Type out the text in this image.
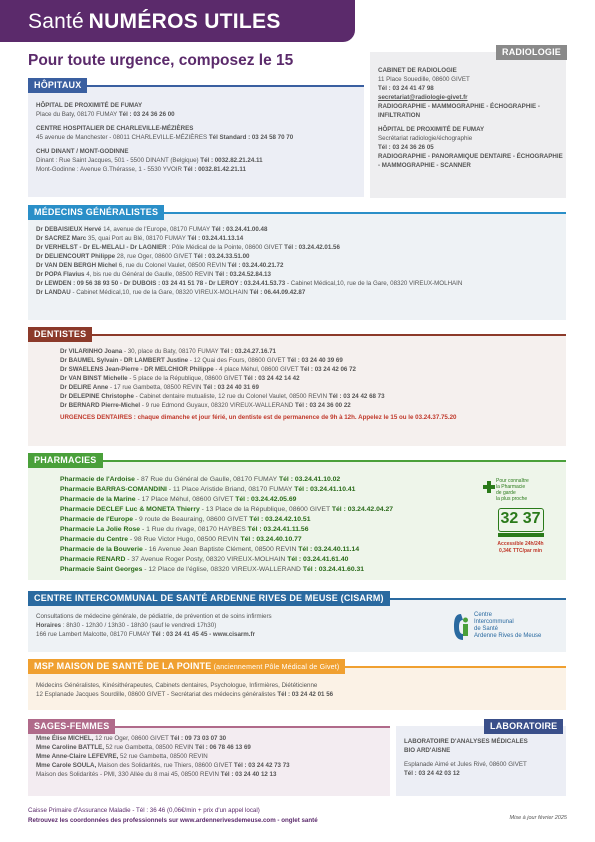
Santé NUMÉROS UTILES
Pour toute urgence, composez le 15
HÔPITAUX
HÔPITAL DE PROXIMITÉ DE FUMAY
Place du Baty, 08170 FUMAY Tél : 03 24 36 26 00
CENTRE HOSPITALIER DE CHARLEVILLE-MÉZIÈRES
45 avenue de Manchester - 08011 CHARLEVILLE-MÉZIÈRES Tél Standard : 03 24 58 70 70
CHU DINANT / MONT-GODINNE
Dinant : Rue Saint Jacques, 501 - 5500 DINANT (Belgique) Tél : 0032.82.21.24.11
Mont-Godinne : Avenue G.Thérasse, 1 - 5530 YVOIR Tél : 0032.81.42.21.11
RADIOLOGIE
CABINET DE RADIOLOGIE
11 Place Souedille, 08600 GIVET
Tél : 03 24 41 47 98
secretariat@radiologie-givet.fr
RADIOGRAPHIE - MAMMOGRAPHIE - ÉCHOGRAPHIE - INFILTRATION
HÔPITAL DE PROXIMITÉ DE FUMAY
Secrétariat radiologie/échographie
Tél : 03 24 36 26 05
RADIOGRAPHIE - PANORAMIQUE DENTAIRE - ÉCHOGRAPHIE - MAMMOGRAPHIE - SCANNER
MÉDECINS GÉNÉRALISTES
Dr DEBAISIEUX Hervé 14, avenue de l'Europe, 08170 FUMAY Tél : 03.24.41.00.48
Dr SACREZ Marc 35, quai Port au Blé, 08170 FUMAY Tél : 03.24.41.13.14
Dr VERHELST - Dr EL-MELALI - Dr LAGNIER : Pôle Médical de la Pointe, 08600 GIVET Tél : 03.24.42.01.56
Dr DELIENCOURT Philippe 28, rue Oger, 08600 GIVET Tél : 03.24.33.51.00
Dr VAN DEN BERGH Michel 6, rue du Colonel Vaulet, 08500 REVIN Tél : 03.24.40.21.72
Dr POPA Flavius 4, bis rue du Général de Gaulle, 08500 REVIN Tél : 03.24.52.84.13
Dr LEWDEN : 09 56 38 93 50 - Dr DUBOIS : 03 24 41 51 78 - Dr LEROY : 03.24.41.53.73 - Cabinet Médical,10, rue de la Gare, 08320 VIREUX-MOLHAIN
Dr LANDAU - Cabinet Médical,10, rue de la Gare, 08320 VIREUX-MOLHAIN Tél : 06.44.09.42.87
DENTISTES
Dr VILARINHO Joana - 30, place du Baty, 08170 FUMAY Tél : 03.24.27.16.71
Dr BAUMEL Sylvain - DR LAMBERT Justine - 12 Quai des Fours, 08600 GIVET Tél : 03 24 40 39 69
Dr SWAELENS Jean-Pierre - DR MELCHIOR Philippe - 4 place Méhul, 08600 GIVET Tél : 03 24 42 06 72
Dr VAN BINST Michelle - 5 place de la République, 08600 GIVET Tél : 03 24 42 14 42
Dr DELIRE Anne - 17 rue Gambetta, 08500 REVIN Tél : 03 24 40 31 69
Dr DELEPINE Christophe - Cabinet dentaire mutualiste, 12 rue du Colonel Vaulet, 08500 REVIN Tél : 03 24 42 68 73
Dr BERNARD Pierre-Michel - 9 rue Edmond Guyaux, 08320 VIREUX-WALLERAND Tél : 03 24 36 00 22
URGENCES DENTAIRES : chaque dimanche et jour férié, un dentiste est de permanence de 9h à 12h. Appelez le 15 ou le 03.24.37.75.20
PHARMACIES
Pharmacie de l'Ardoise - 87 Rue du Général de Gaulle, 08170 FUMAY Tél : 03.24.41.10.02
Pharmacie BARRAS-COMANDINI - 11 Place Aristide Briand, 08170 FUMAY Tél : 03.24.41.10.41
Pharmacie de la Marine - 17 Place Méhul, 08600 GIVET Tél : 03.24.42.05.69
Pharmacie DECLEF Luc & MONETA Thierry - 13 Place de la République, 08600 GIVET Tél : 03.24.42.04.27
Pharmacie de l'Europe - 9 route de Beauraing, 08600 GIVET Tél : 03.24.42.10.51
Pharmacie La Jolie Rose - 1 Rue du rivage, 08170 HAYBES Tél : 03.24.41.11.56
Pharmacie du Centre - 98 Rue Victor Hugo, 08500 REVIN Tél : 03.24.40.10.77
Pharmacie de la Bouverie - 16 Avenue Jean Baptiste Clément, 08500 REVIN Tél : 03.24.40.11.14
Pharmacie RENARD - 37 Avenue Roger Posty, 08320 VIREUX-MOLHAIN Tél : 03.24.41.61.40
Pharmacie Saint Georges - 12 Place de l'église, 08320 VIREUX-WALLERAND Tél : 03.24.41.60.31
Pour connaître
la Pharmacie
de garde
la plus proche
32 37
Accessible 24h/24h
0,34€ TTC/par min
CENTRE INTERCOMMUNAL DE SANTÉ ARDENNE RIVES DE MEUSE (CISARM)
Consultations de médecine générale, de pédiatrie, de prévention et de soins infirmiers
Horaires : 8h30 - 12h30 / 13h30 - 18h30 (sauf le vendredi 17h30)
166 rue Lambert Malcotte, 08170 FUMAY Tél : 03 24 41 45 45 - www.cisarm.fr
Centre
Intercommunal
de Santé
Ardenne Rives de Meuse
MSP MAISON DE SANTÉ DE LA POINTE (anciennement Pôle Médical de Givet)
Médecins Généralistes, Kinésithérapeutes, Cabinets dentaires, Psychologue, Infirmières, Diététicienne
12 Esplanade Jacques Sourdille, 08600 GIVET - Secrétariat des médecins généralistes Tél : 03 24 42 01 56
SAGES-FEMMES
Mme Élise MICHEL, 12 rue Oger, 08600 GIVET Tél : 09 73 03 07 30
Mme Caroline BATTLE, 52 rue Gambetta, 08500 REVIN Tél : 06 78 46 13 69
Mme Anne-Claire LEFEVRE, 52 rue Gambetta, 08500 REVIN
Mme Carole SOULA, Maison des Solidarités, rue Thiers, 08600 GIVET Tél : 03 24 42 73 73
Maison des Solidarités - PMI, 330 Allée du 8 mai 45, 08500 REVIN Tél : 03 24 40 12 13
LABORATOIRE
LABORATOIRE D'ANALYSES MÉDICALES
BIO ARD'AISNE
Esplanade Aimé et Jules Rivé, 08600 GIVET
Tél : 03 24 42 03 12
Caisse Primaire d'Assurance Maladie - Tél : 36 46 (0,06€/min + prix d'un appel local)
Retrouvez les coordonnées des professionnels sur www.ardennerivesdemeuse.com - onglet santé	Mise à jour février 2025
